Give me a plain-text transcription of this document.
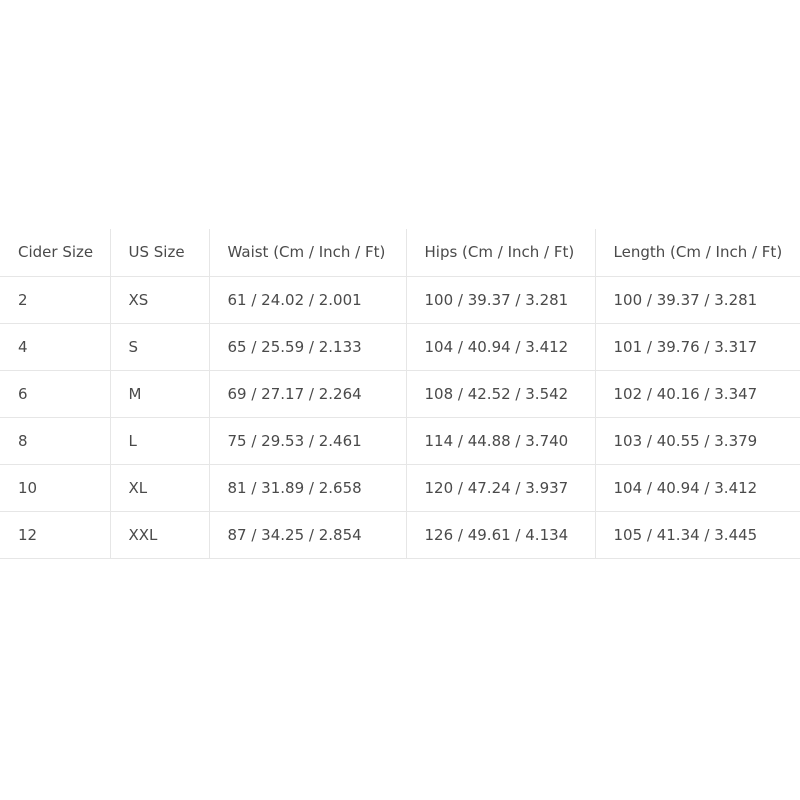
Cider Size	US Size	Waist (Cm / Inch / Ft)	Hips (Cm / Inch / Ft)	Length (Cm / Inch / Ft)
2	XS	61 / 24.02 / 2.001	100 / 39.37 / 3.281	100 / 39.37 / 3.281
4	S	65 / 25.59 / 2.133	104 / 40.94 / 3.412	101 / 39.76 / 3.317
6	M	69 / 27.17 / 2.264	108 / 42.52 / 3.542	102 / 40.16 / 3.347
8	L	75 / 29.53 / 2.461	114 / 44.88 / 3.740	103 / 40.55 / 3.379
10	XL	81 / 31.89 / 2.658	120 / 47.24 / 3.937	104 / 40.94 / 3.412
12	XXL	87 / 34.25 / 2.854	126 / 49.61 / 4.134	105 / 41.34 / 3.445
